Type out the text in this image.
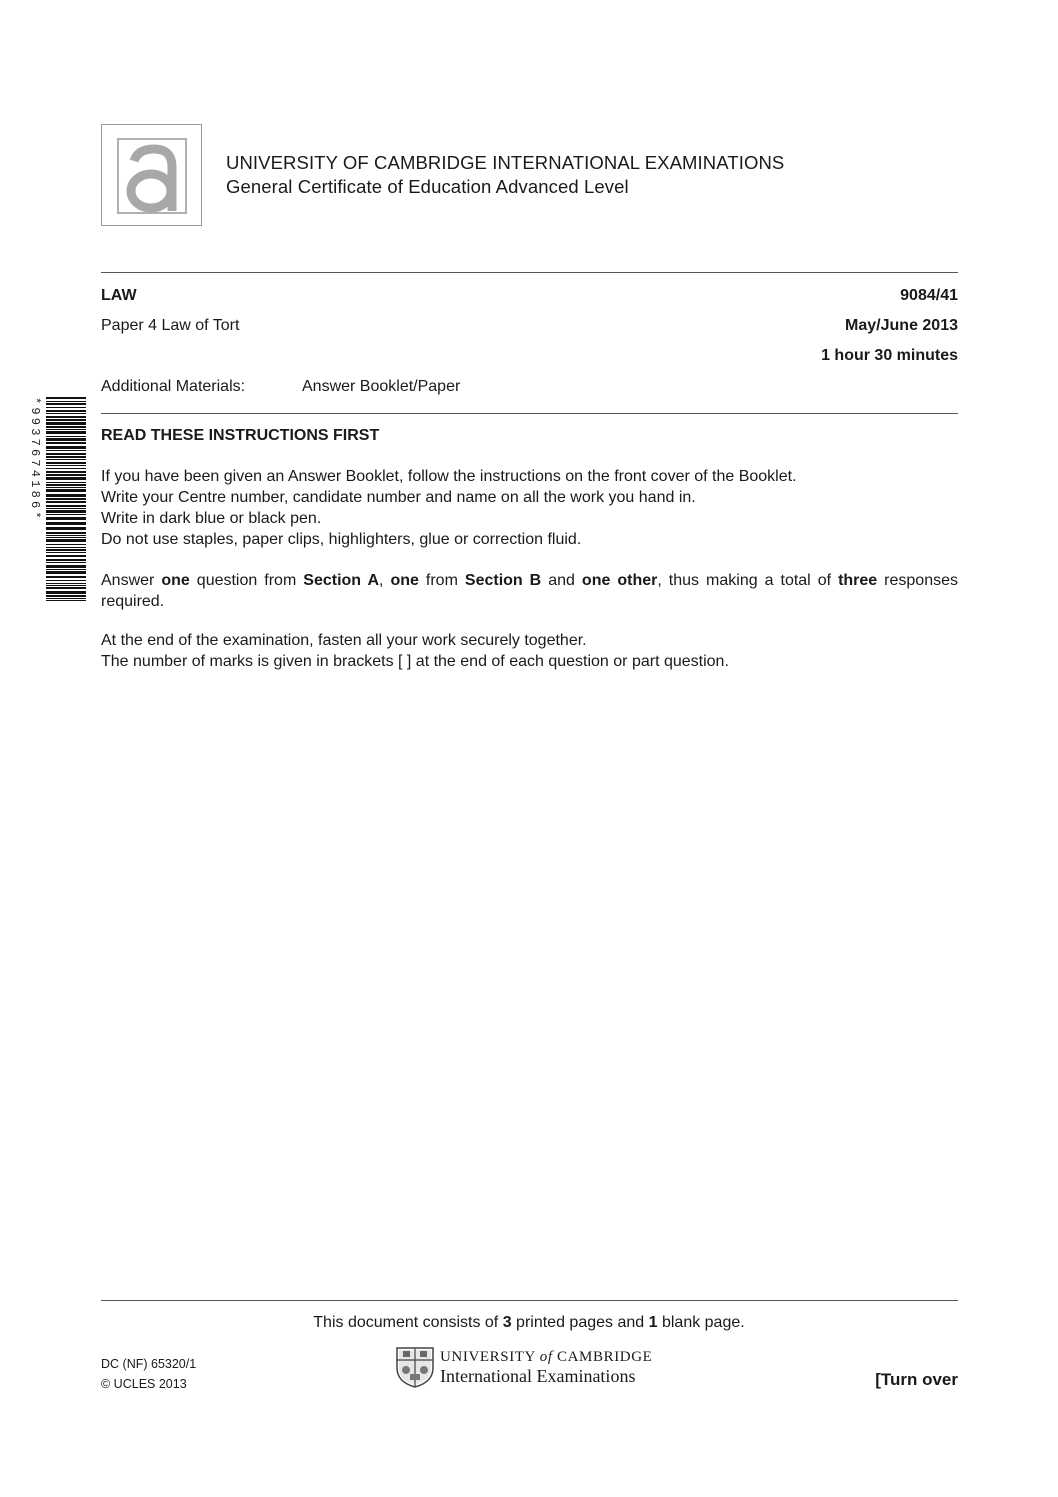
UNIVERSITY OF CAMBRIDGE INTERNATIONAL EXAMINATIONS
General Certificate of Education Advanced Level
LAW	9084/41
Paper 4 Law of Tort	May/June 2013
1 hour 30 minutes
Additional Materials:	Answer Booklet/Paper
*9937674186*	READ THESE INSTRUCTIONS FIRST
If you have been given an Answer Booklet, follow the instructions on the front cover of the Booklet.
Write your Centre number, candidate number and name on all the work you hand in.
Write in dark blue or black pen.
Do not use staples, paper clips, highlighters, glue or correction fluid.
Answer one question from Section A, one from Section B and one other, thus making a total of three responses required.
At the end of the examination, fasten all your work securely together.
The number of marks is given in brackets [ ] at the end of each question or part question.
This document consists of 3 printed pages and 1 blank page.
DC (NF) 65320/1
© UCLES 2013
UNIVERSITY of CAMBRIDGE
International Examinations	[Turn over
